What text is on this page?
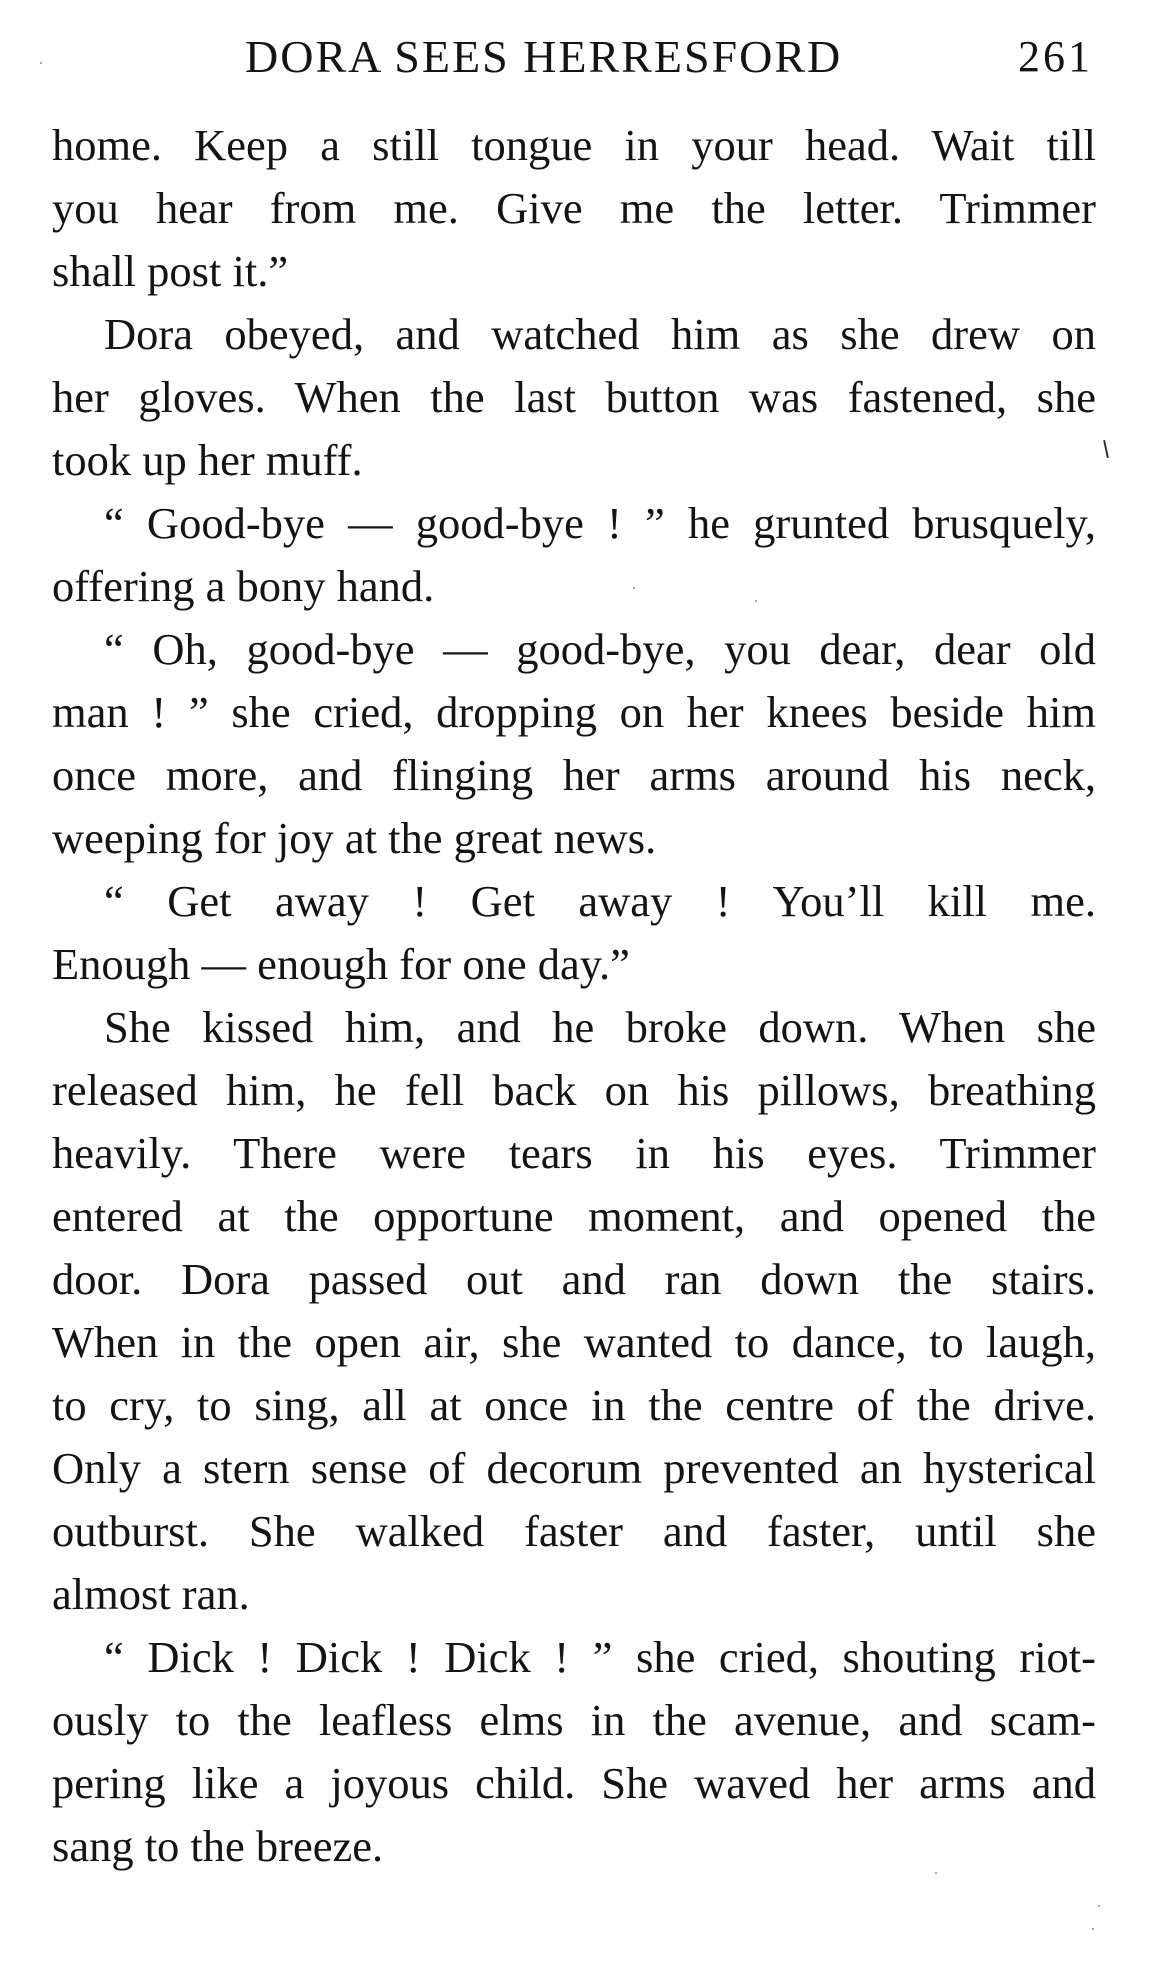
DORA SEES HERRESFORD	261
home. Keep a still tongue in your head. Wait till
you hear from me. Give me the letter. Trimmer
shall post it.”
Dora obeyed, and watched him as she drew on
her gloves. When the last button was fastened, she
took up her muff.
“ Good-bye — good-bye ! ” he grunted brusquely,
offering a bony hand.
“ Oh, good-bye — good-bye, you dear, dear old
man ! ” she cried, dropping on her knees beside him
once more, and flinging her arms around his neck,
weeping for joy at the great news.
“ Get away ! Get away ! You’ll kill me.
Enough — enough for one day.”
She kissed him, and he broke down. When she
released him, he fell back on his pillows, breathing
heavily. There were tears in his eyes. Trimmer
entered at the opportune moment, and opened the
door. Dora passed out and ran down the stairs.
When in the open air, she wanted to dance, to laugh,
to cry, to sing, all at once in the centre of the drive.
Only a stern sense of decorum prevented an hysterical
outburst. She walked faster and faster, until she
almost ran.
“ Dick ! Dick ! Dick ! ” she cried, shouting riot-
ously to the leafless elms in the avenue, and scam-
pering like a joyous child. She waved her arms and
sang to the breeze.
